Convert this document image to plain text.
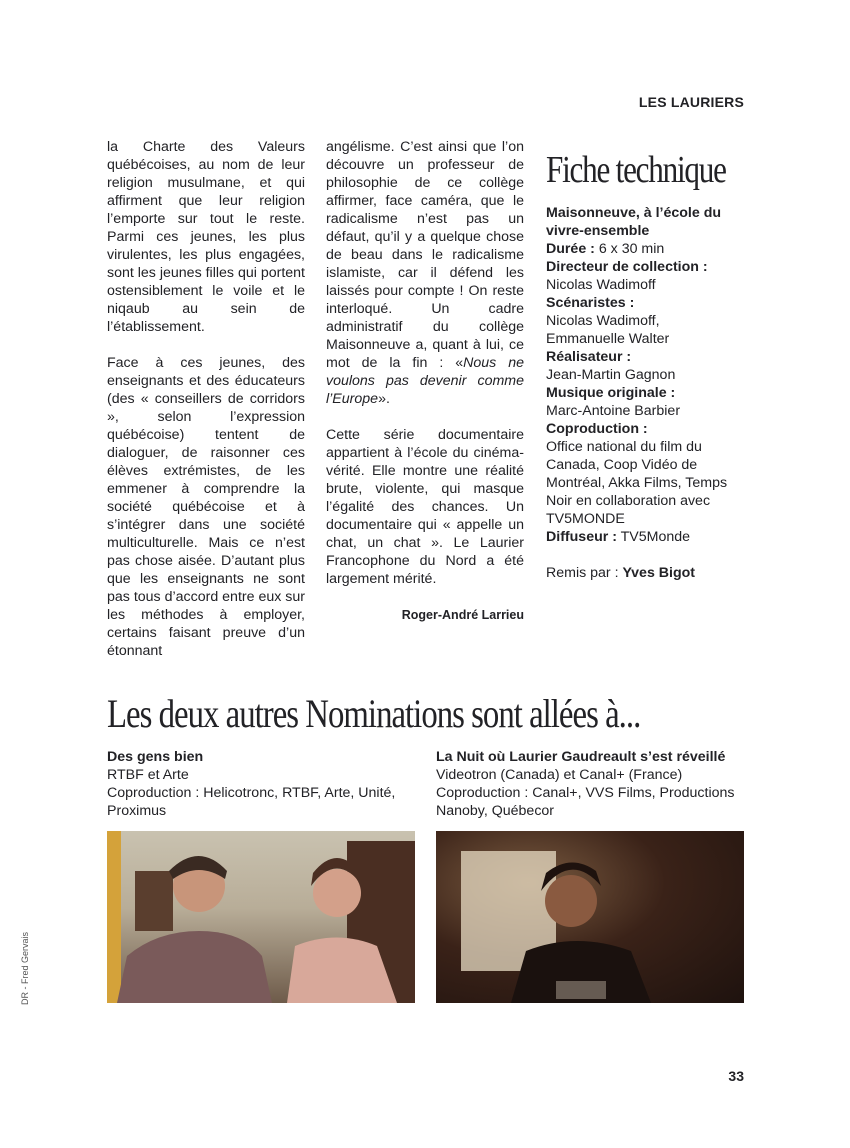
LES LAURIERS

la Charte des Valeurs québécoises, au nom de leur religion musulmane, et qui affirment que leur religion l’emporte sur tout le reste. Parmi ces jeunes, les plus virulentes, les plus engagées, sont les jeunes filles qui portent ostensiblement le voile et le niqaub au sein de l’établissement.

Face à ces jeunes, des enseignants et des éducateurs (des « conseillers de corridors », selon l’expression québécoise) tentent de dialoguer, de raisonner ces élèves extrémistes, de les emmener à comprendre la société québécoise et à s’intégrer dans une société multiculturelle. Mais ce n’est pas chose aisée. D’autant plus que les enseignants ne sont pas tous d’accord entre eux sur les méthodes à employer, certains faisant preuve d’un étonnant

angélisme. C’est ainsi que l’on découvre un professeur de philosophie de ce collège affirmer, face caméra, que le radicalisme n’est pas un défaut, qu’il y a quelque chose de beau dans le radicalisme islamiste, car il défend les laissés pour compte ! On reste interloqué. Un cadre administratif du collège Maisonneuve a, quant à lui, ce mot de la fin : «Nous ne voulons pas devenir comme l’Europe».

Cette série documentaire appartient à l’école du cinéma-vérité. Elle montre une réalité brute, violente, qui masque l’égalité des chances. Un documentaire qui « appelle un chat, un chat ». Le Laurier Francophone du Nord a été largement mérité.

Roger-André Larrieu
Fiche technique
Maisonneuve, à l’école du vivre-ensemble
Durée : 6 x 30 min
Directeur de collection :
Nicolas Wadimoff
Scénaristes :
Nicolas Wadimoff,
Emmanuelle Walter
Réalisateur :
Jean-Martin Gagnon
Musique originale :
Marc-Antoine Barbier
Coproduction :
Office national du film du Canada, Coop Vidéo de Montréal, Akka Films, Temps Noir en collaboration avec TV5MONDE
Diffuseur : TV5Monde
Remis par : Yves Bigot
Les deux autres Nominations sont allées à...
Des gens bien
RTBF et Arte
Coproduction : Helicotronc, RTBF, Arte, Unité, Proximus
La Nuit où Laurier Gaudreault s’est réveillé
Videotron (Canada) et Canal+ (France)
Coproduction : Canal+, VVS Films, Productions Nanoby, Québecor
DR - Fred Gervais
33
